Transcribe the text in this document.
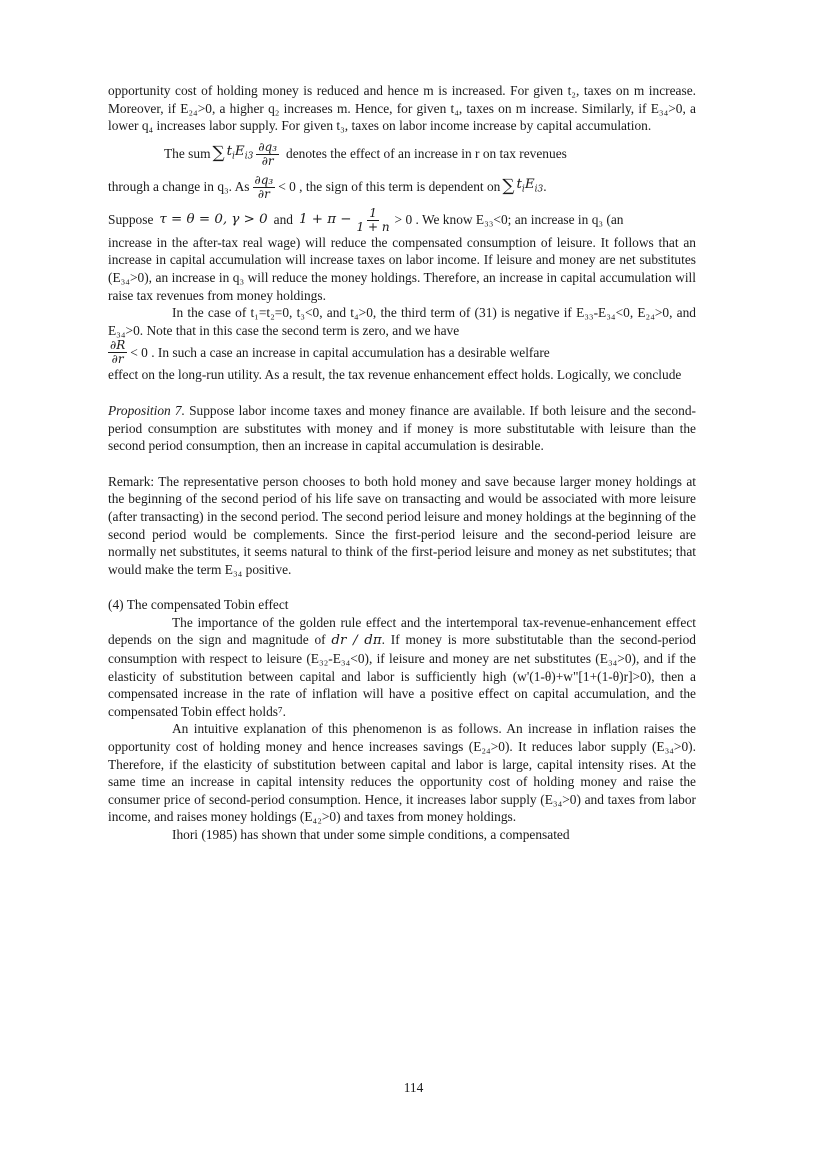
opportunity cost of holding money is reduced and hence m is increased. For given t₂, taxes on m increase. Moreover, if E₂₄>0, a higher q₂ increases m. Hence, for given t₄, taxes on m increase. Similarly, if E₃₄>0, a lower q₄ increases labor supply. For given t₃, taxes on labor income increase by capital accumulation.

The sum ∑ $t_i$ $E_{i3} \frac{\text{∂q₃}}{\partial r}$ denotes the effect of an increase in r on tax revenues
through a change in q₃. As $\frac{\text{∂q₃}}{\partial r} < 0$ , the sign of this term is dependent on ∑ $t_i$ $E_{i3}$ .
Suppose τ = θ = 0, γ > 0 and $1 + \pi - \frac{1}{1 + n} > 0$ . We know E₃₃<0; an increase in q₃ (an

increase in the after-tax real wage) will reduce the compensated consumption of leisure. It follows that an increase in capital accumulation will increase taxes on labor income. If leisure and money are net substitutes (E₃₄>0), an increase in q₃ will reduce the money holdings. Therefore, an increase in capital accumulation will raise tax revenues from money holdings.

In the case of t₁=t₂=0, t₃<0, and t₄>0, the third term of (31) is negative if E₃₃-E₃₄<0, E₂₄>0, and E₃₄>0. Note that in this case the second term is zero, and we have

$\frac{\partial R}{\partial r} < 0$ . In such a case an increase in capital accumulation has a desirable welfare

effect on the long-run utility. As a result, the tax revenue enhancement effect holds. Logically, we conclude

Proposition 7. Suppose labor income taxes and money finance are available. If both leisure and the second-period consumption are substitutes with money and if money is more substitutable with leisure than the second period consumption, then an increase in capital accumulation is desirable.

Remark: The representative person chooses to both hold money and save because larger money holdings at the beginning of the second period of his life save on transacting and would be associated with more leisure (after transacting) in the second period. The second period leisure and money holdings at the beginning of the second period would be complements. Since the first-period leisure and the second-period leisure are normally net substitutes, it seems natural to think of the first-period leisure and money as net substitutes; that would make the term E₃₄ positive.

(4) The compensated Tobin effect

The importance of the golden rule effect and the intertemporal tax-revenue-enhancement effect depends on the sign and magnitude of dr / dπ. If money is more substitutable than the second-period consumption with respect to leisure (E₃₂-E₃₄<0), if leisure and money are net substitutes (E₃₄>0), and if the elasticity of substitution between capital and labor is sufficiently high (w'(1-θ)+w"[1+(1-θ)r]>0), then a compensated increase in the rate of inflation will have a positive effect on capital accumulation, and the compensated Tobin effect holds⁷.

An intuitive explanation of this phenomenon is as follows. An increase in inflation raises the opportunity cost of holding money and hence increases savings (E₂₄>0). It reduces labor supply (E₃₄>0). Therefore, if the elasticity of substitution between capital and labor is large, capital intensity rises. At the same time an increase in capital intensity reduces the opportunity cost of holding money and raise the consumer price of second-period consumption. Hence, it increases labor supply (E₃₄>0) and taxes from labor income, and raises money holdings (E₄₂>0) and taxes from money holdings.

Ihori (1985) has shown that under some simple conditions, a compensated

114
